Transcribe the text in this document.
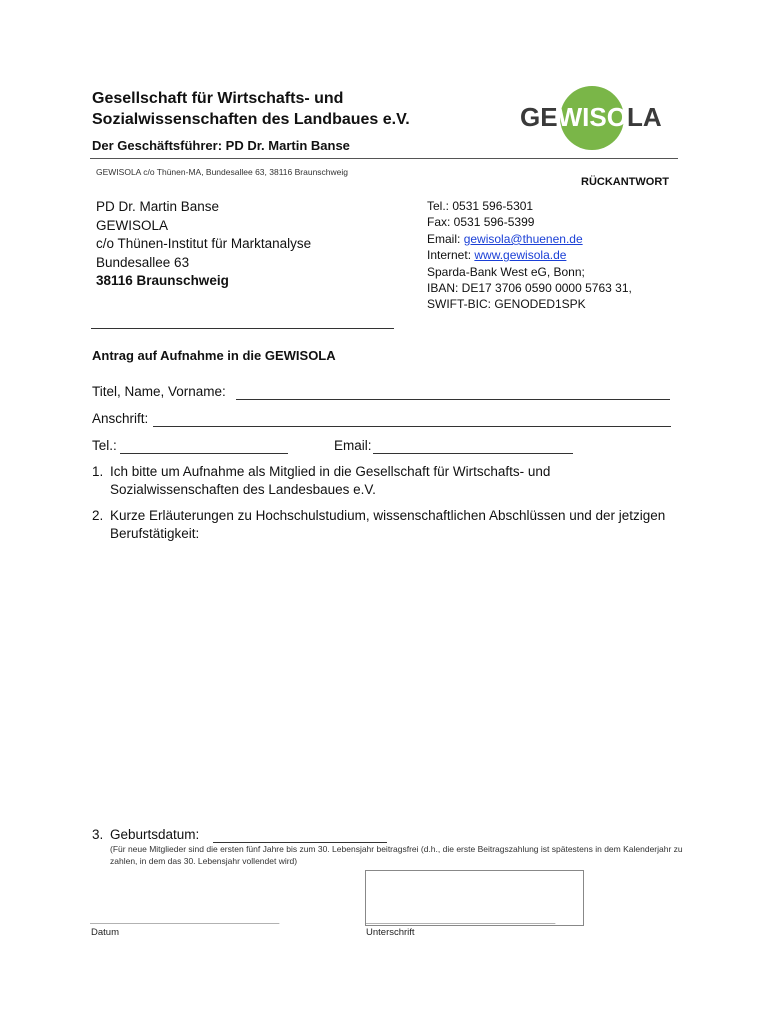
Gesellschaft für Wirtschafts- und Sozialwissenschaften des Landbaues e.V.
Der Geschäftsführer: PD Dr. Martin Banse
GEWISOLA
GEWISOLA c/o Thünen-MA, Bundesallee 63, 38116 Braunschweig
RÜCKANTWORT
PD Dr. Martin Banse
GEWISOLA
c/o Thünen-Institut für Marktanalyse
Bundesallee 63
38116 Braunschweig
Tel.: 0531 596-5301
Fax: 0531 596-5399
Email: gewisola@thuenen.de
Internet: www.gewisola.de
Sparda-Bank West eG, Bonn;
IBAN: DE17 3706 0590 0000 5763 31,
SWIFT-BIC: GENODED1SPK
Antrag auf Aufnahme in die GEWISOLA
Titel, Name, Vorname:
Anschrift:
Tel.:	Email:
1. Ich bitte um Aufnahme als Mitglied in die Gesellschaft für Wirtschafts- und Sozialwissenschaften des Landesbaues e.V.
2. Kurze Erläuterungen zu Hochschulstudium, wissenschaftlichen Abschlüssen und der jetzigen Berufstätigkeit:
3. Geburtsdatum:
(Für neue Mitglieder sind die ersten fünf Jahre bis zum 30. Lebensjahr beitragsfrei (d.h., die erste Beitragszahlung ist spätestens in dem Kalenderjahr zu zahlen, in dem das 30. Lebensjahr vollendet wird)
_______________________________________________	_______________________________________________
Datum	Unterschrift
